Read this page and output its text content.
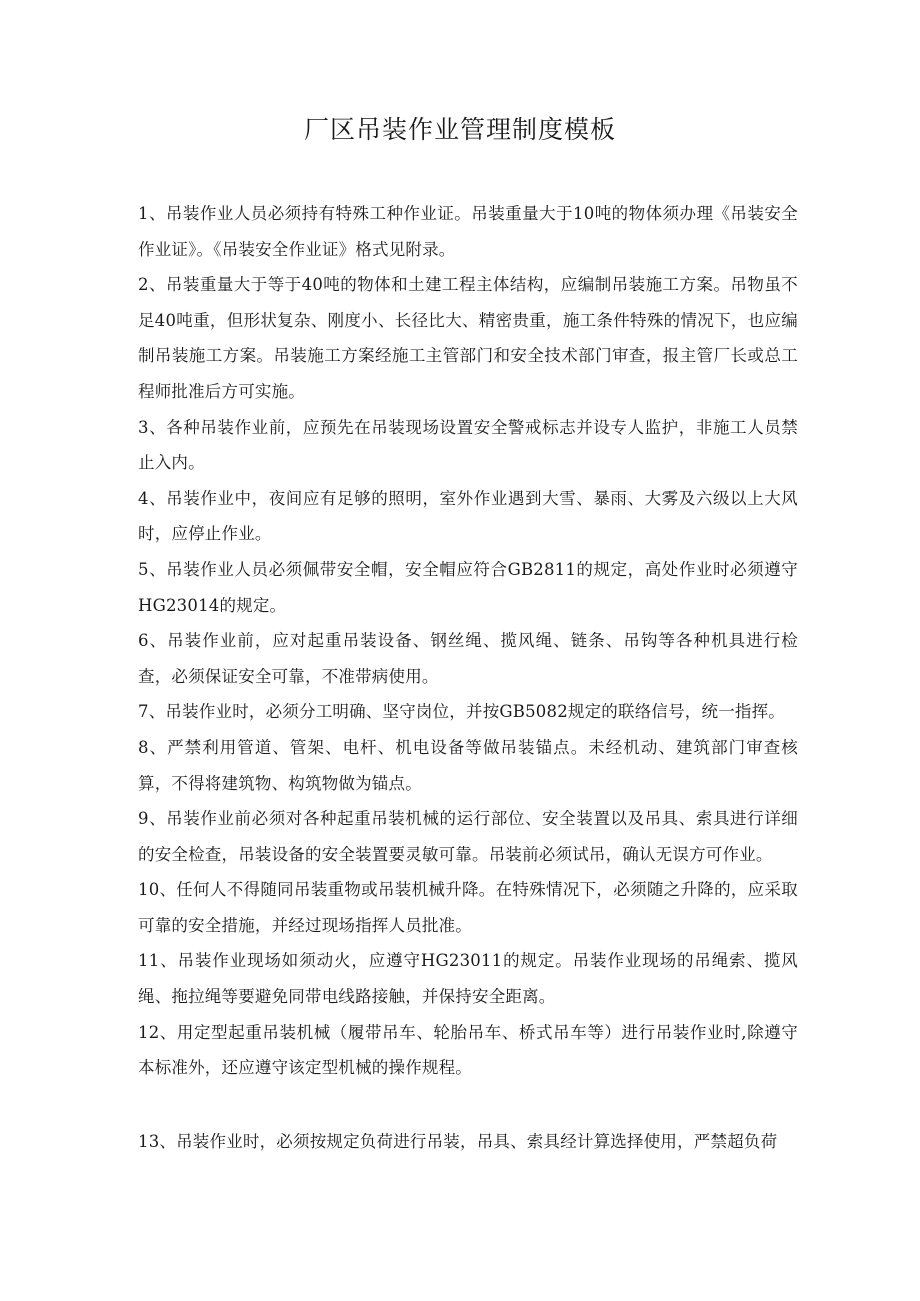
厂区吊装作业管理制度模板

1、吊装作业人员必须持有特殊工种作业证。吊装重量大于10吨的物体须办理《吊装安全作业证》。《吊装安全作业证》格式见附录。

2、吊装重量大于等于40吨的物体和土建工程主体结构，应编制吊装施工方案。吊物虽不足40吨重，但形状复杂、刚度小、长径比大、精密贵重，施工条件特殊的情况下，也应编制吊装施工方案。吊装施工方案经施工主管部门和安全技术部门审查，报主管厂长或总工程师批准后方可实施。

3、各种吊装作业前，应预先在吊装现场设置安全警戒标志并设专人监护，非施工人员禁止入内。

4、吊装作业中，夜间应有足够的照明，室外作业遇到大雪、暴雨、大雾及六级以上大风时，应停止作业。

5、吊装作业人员必须佩带安全帽，安全帽应符合GB2811的规定，高处作业时必须遵守HG23014的规定。

6、吊装作业前，应对起重吊装设备、钢丝绳、揽风绳、链条、吊钩等各种机具进行检查，必须保证安全可靠，不准带病使用。

7、吊装作业时，必须分工明确、坚守岗位，并按GB5082规定的联络信号，统一指挥。

8、严禁利用管道、管架、电杆、机电设备等做吊装锚点。未经机动、建筑部门审查核算，不得将建筑物、构筑物做为锚点。

9、吊装作业前必须对各种起重吊装机械的运行部位、安全装置以及吊具、索具进行详细的安全检查，吊装设备的安全装置要灵敏可靠。吊装前必须试吊，确认无误方可作业。

10、任何人不得随同吊装重物或吊装机械升降。在特殊情况下，必须随之升降的，应采取可靠的安全措施，并经过现场指挥人员批准。

11、吊装作业现场如须动火，应遵守HG23011的规定。吊装作业现场的吊绳索、揽风绳、拖拉绳等要避免同带电线路接触，并保持安全距离。

12、用定型起重吊装机械（履带吊车、轮胎吊车、桥式吊车等）进行吊装作业时,除遵守本标准外，还应遵守该定型机械的操作规程。

13、吊装作业时，必须按规定负荷进行吊装，吊具、索具经计算选择使用，严禁超负荷
